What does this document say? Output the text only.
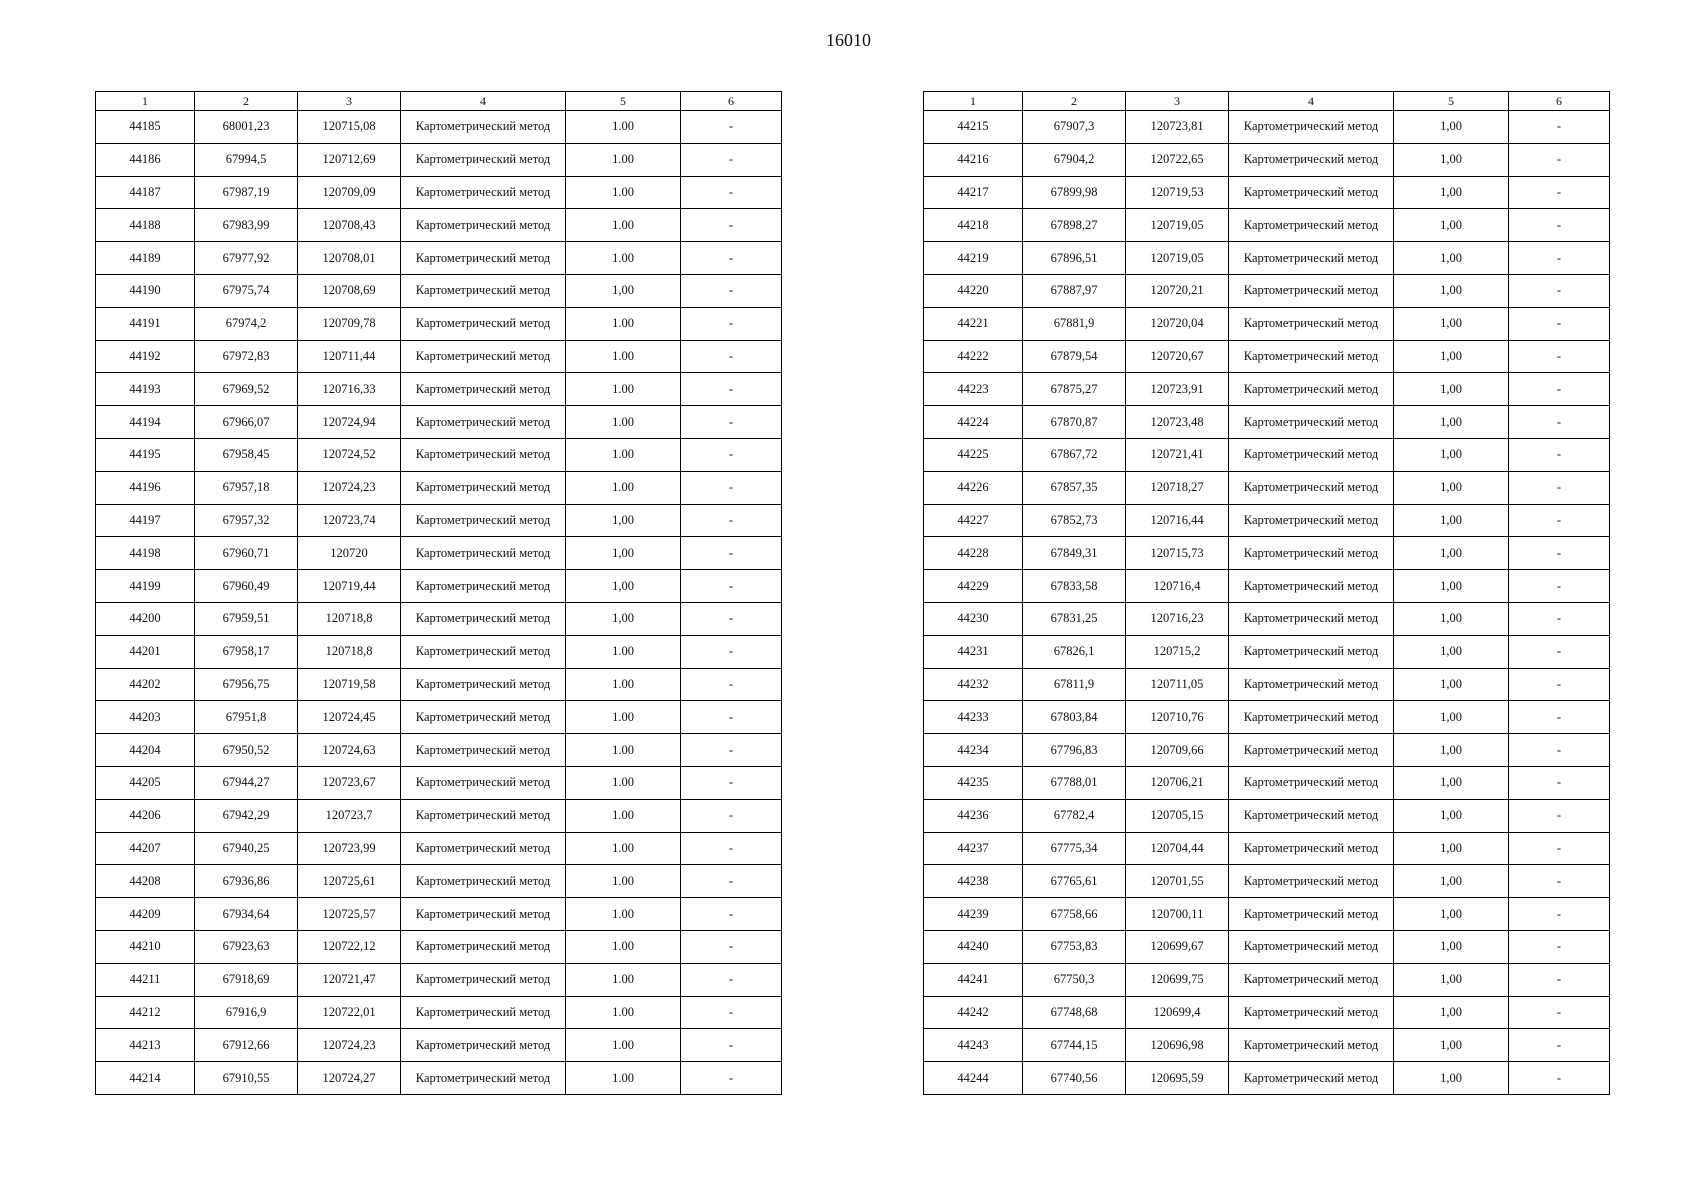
16010
1	2	3	4	5	6
44185	68001,23	120715,08	Картометрический метод	1.00	-
44186	67994,5	120712,69	Картометрический метод	1.00	-
44187	67987,19	120709,09	Картометрический метод	1.00	-
44188	67983,99	120708,43	Картометрический метод	1.00	-
44189	67977,92	120708,01	Картометрический метод	1.00	-
44190	67975,74	120708,69	Картометрический метод	1,00	-
44191	67974,2	120709,78	Картометрический метод	1.00	-
44192	67972,83	120711,44	Картометрический метод	1.00	-
44193	67969,52	120716,33	Картометрический метод	1.00	-
44194	67966,07	120724,94	Картометрический метод	1.00	-
44195	67958,45	120724,52	Картометрический метод	1.00	-
44196	67957,18	120724,23	Картометрический метод	1.00	-
44197	67957,32	120723,74	Картометрический метод	1,00	-
44198	67960,71	120720	Картометрический метод	1,00	-
44199	67960,49	120719,44	Картометрический метод	1,00	-
44200	67959,51	120718,8	Картометрический метод	1,00	-
44201	67958,17	120718,8	Картометрический метод	1.00	-
44202	67956,75	120719,58	Картометрический метод	1.00	-
44203	67951,8	120724,45	Картометрический метод	1.00	-
44204	67950,52	120724,63	Картометрический метод	1.00	-
44205	67944,27	120723,67	Картометрический метод	1.00	-
44206	67942,29	120723,7	Картометрический метод	1.00	-
44207	67940,25	120723,99	Картометрический метод	1.00	-
44208	67936,86	120725,61	Картометрический метод	1.00	-
44209	67934,64	120725,57	Картометрический метод	1.00	-
44210	67923,63	120722,12	Картометрический метод	1.00	-
44211	67918,69	120721,47	Картометрический метод	1.00	-
44212	67916,9	120722,01	Картометрический метод	1.00	-
44213	67912,66	120724,23	Картометрический метод	1.00	-
44214	67910,55	120724,27	Картометрический метод	1.00	-
1	2	3	4	5	6
44215	67907,3	120723,81	Картометрический метод	1,00	-
44216	67904,2	120722,65	Картометрический метод	1,00	-
44217	67899,98	120719,53	Картометрический метод	1,00	-
44218	67898,27	120719,05	Картометрический метод	1,00	-
44219	67896,51	120719,05	Картометрический метод	1,00	-
44220	67887,97	120720,21	Картометрический метод	1,00	-
44221	67881,9	120720,04	Картометрический метод	1,00	-
44222	67879,54	120720,67	Картометрический метод	1,00	-
44223	67875,27	120723,91	Картометрический метод	1,00	-
44224	67870,87	120723,48	Картометрический метод	1,00	-
44225	67867,72	120721,41	Картометрический метод	1,00	-
44226	67857,35	120718,27	Картометрический метод	1,00	-
44227	67852,73	120716,44	Картометрический метод	1,00	-
44228	67849,31	120715,73	Картометрический метод	1,00	-
44229	67833,58	120716,4	Картометрический метод	1,00	-
44230	67831,25	120716,23	Картометрический метод	1,00	-
44231	67826,1	120715,2	Картометрический метод	1,00	-
44232	67811,9	120711,05	Картометрический метод	1,00	-
44233	67803,84	120710,76	Картометрический метод	1,00	-
44234	67796,83	120709,66	Картометрический метод	1,00	-
44235	67788,01	120706,21	Картометрический метод	1,00	-
44236	67782,4	120705,15	Картометрический метод	1,00	-
44237	67775,34	120704,44	Картометрический метод	1,00	-
44238	67765,61	120701,55	Картометрический метод	1,00	-
44239	67758,66	120700,11	Картометрический метод	1,00	-
44240	67753,83	120699,67	Картометрический метод	1,00	-
44241	67750,3	120699,75	Картометрический метод	1,00	-
44242	67748,68	120699,4	Картометрический метод	1,00	-
44243	67744,15	120696,98	Картометрический метод	1,00	-
44244	67740,56	120695,59	Картометрический метод	1,00	-
